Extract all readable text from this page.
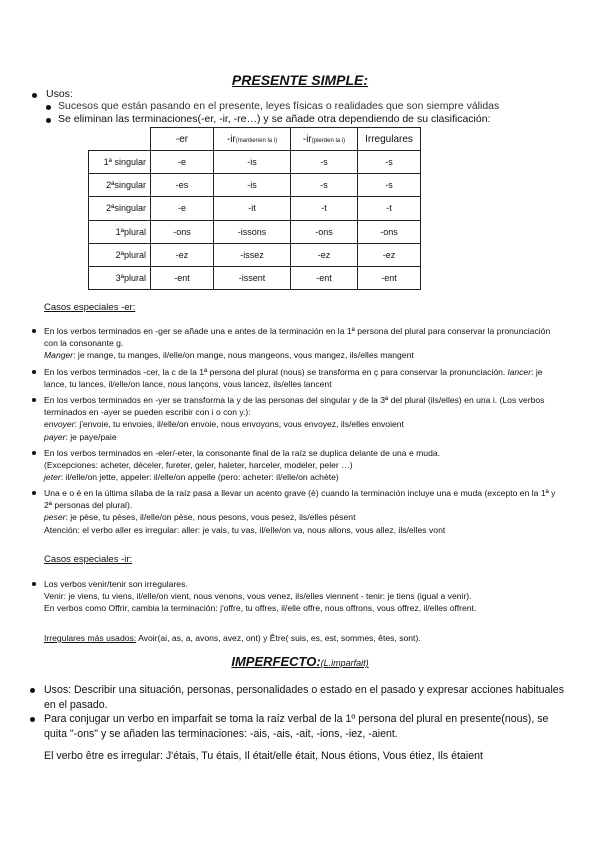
PRESENTE SIMPLE:
Usos:
Sucesos que están pasando en el presente, leyes físicas o realidades que son siempre válidas
Se eliminan las terminaciones(-er, -ir, -re…) y se añade otra dependiendo de su clasificación:
	-er	-ir(mantienen la i)	-ir(pierden la i)	Irregulares
1ª singular	-e	-is	-s	-s
2ªsingular	-es	-is	-s	-s
2ªsingular	-e	-it	-t	-t
1ªplural	-ons	-issons	-ons	-ons
2ªplural	-ez	-issez	-ez	-ez
3ªplural	-ent	-issent	-ent	-ent
Casos especiales -er:
En los verbos terminados en -ger se añade una e antes de la terminación en la 1ª persona del plural para conservar la pronunciación con la consonante g.
Manger: je mange, tu manges, il/elle/on mange, nous mangeons, vous mangez, ils/elles mangent
En los verbos terminados -cer, la c de la 1ª persona del plural (nous) se transforma en ç para conservar la pronunciación. lancer: je lance, tu lances, il/elle/on lance, nous lançons, vous lancez, ils/elles lancent
En los verbos terminados en -yer se transforma la y de las personas del singular y de la 3ª del plural (ils/elles) en una i. (Los verbos terminados en -ayer se pueden escribir con i o con y.):
envoyer: j'envoie, tu envoies, il/elle/on envoie, nous envoyons, vous envoyez, ils/elles envoient
payer: je paye/paie
En los verbos terminados en -eler/-eter, la consonante final de la raíz se duplica delante de una e muda.
(Excepciones: acheter, déceler, fureter, geler, haleter, harceler, modeler, peler …)
jeter: il/elle/on jette, appeler: il/elle/on appelle (pero: acheter: il/elle/on achète)
Una e o é en la última sílaba de la raíz pasa a llevar un acento grave (è) cuando la terminación incluye una e muda (excepto en la 1ª y 2ª personas del plural).
peser: je pèse, tu pèses, il/elle/on pèse, nous pesons, vous pesez, ils/elles pèsent
Atención: el verbo aller es irregular: aller: je vais, tu vas, il/elle/on va, nous allons, vous allez, ils/elles vont
Casos especiales -ir:
Los verbos venir/tenir son irregulares.
Venir: je viens, tu viens, il/elle/on vient, nous venons, vous venez, ils/elles viennent - tenir: je tiens (igual a venir).
En verbos como Offrir, cambia la terminación: j'offre, tu offres, il/elle offre, nous offrons, vous offrez, il/elles offrent.
Irregulares más usados: Avoir(ai, as, a, avons, avez, ont) y Être( suis, es, est, sommes, êtes, sont).
IMPERFECTO:(L.imparfait)
Usos: Describir una situación, personas, personalidades o estado en el pasado y expresar acciones habituales en el pasado.
Para conjugar un verbo en imparfait se toma la raíz verbal de la 1º persona del plural en presente(nous), se quita "-ons" y se añaden las terminaciones: -ais, -ais, -ait, -ions, -iez, -aient.
El verbo être es irregular: J'étais, Tu étais, Il était/elle était, Nous étions, Vous étiez, Ils étaient
